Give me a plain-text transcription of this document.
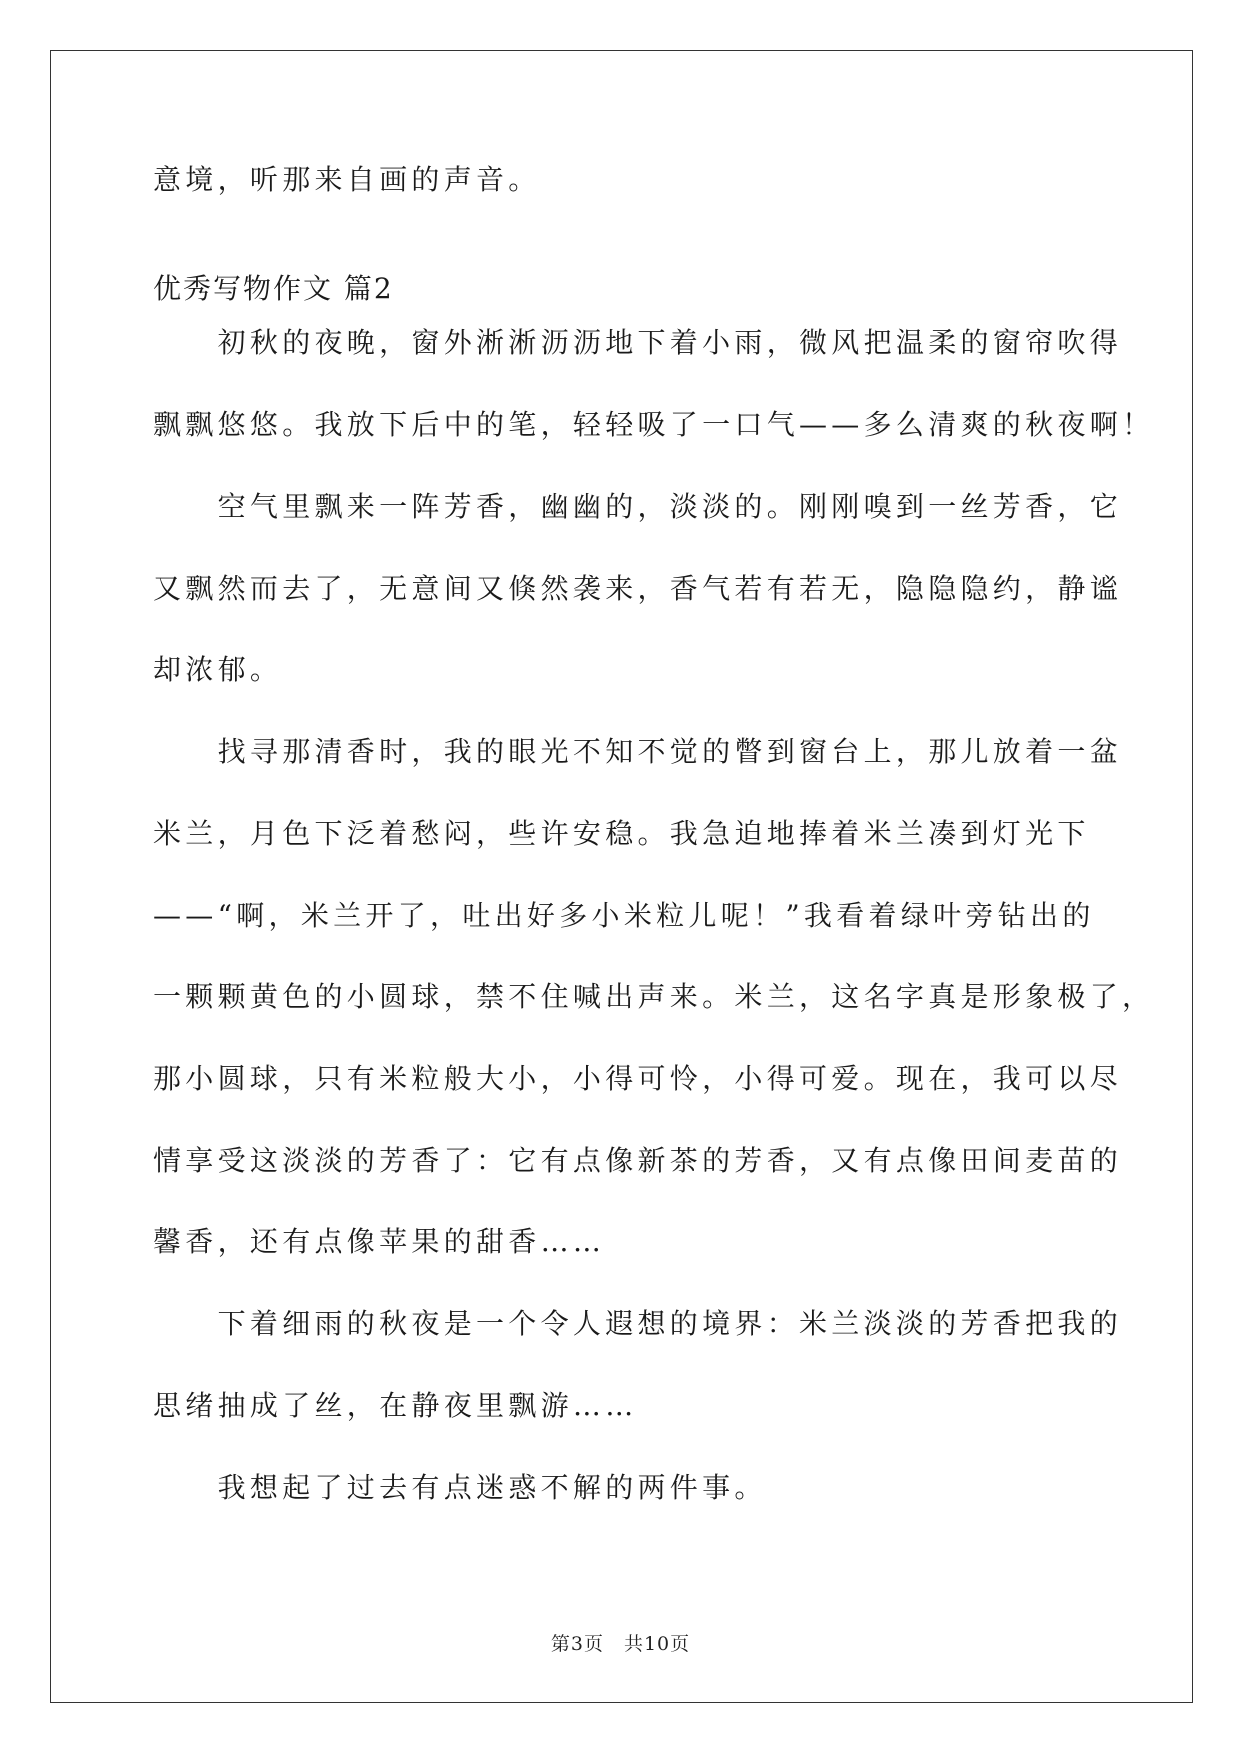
意境，听那来自画的声音。

优秀写物作文 篇2

　　初秋的夜晚，窗外淅淅沥沥地下着小雨，微风把温柔的窗帘吹得

飘飘悠悠。我放下后中的笔，轻轻吸了一口气——多么清爽的秋夜啊！

　　空气里飘来一阵芳香，幽幽的，淡淡的。刚刚嗅到一丝芳香，它

又飘然而去了，无意间又倏然袭来，香气若有若无，隐隐隐约，静谧

却浓郁。

　　找寻那清香时，我的眼光不知不觉的瞥到窗台上，那儿放着一盆

米兰，月色下泛着愁闷，些许安稳。我急迫地捧着米兰凑到灯光下

——“啊，米兰开了，吐出好多小米粒儿呢！”我看着绿叶旁钻出的

一颗颗黄色的小圆球，禁不住喊出声来。米兰，这名字真是形象极了，

那小圆球，只有米粒般大小，小得可怜，小得可爱。现在，我可以尽

情享受这淡淡的芳香了：它有点像新茶的芳香，又有点像田间麦苗的

馨香，还有点像苹果的甜香……

　　下着细雨的秋夜是一个令人遐想的境界：米兰淡淡的芳香把我的

思绪抽成了丝，在静夜里飘游……

　　我想起了过去有点迷惑不解的两件事。

第3页 共10页
